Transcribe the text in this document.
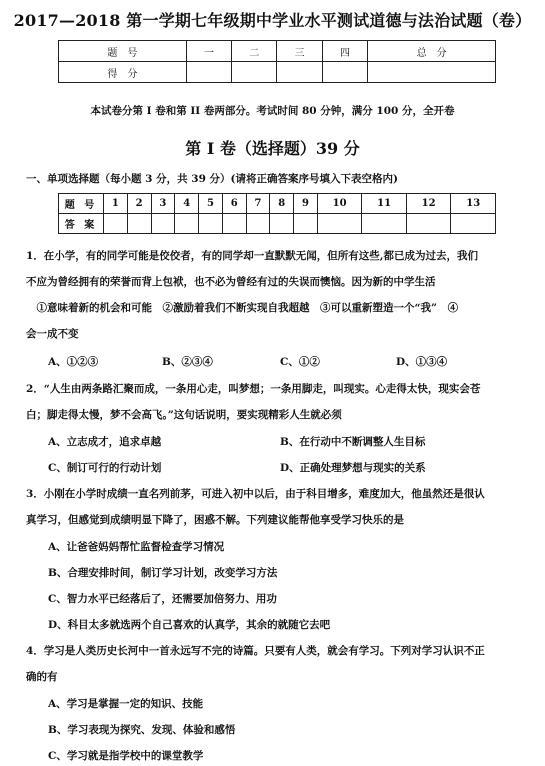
2017—2018 第一学期七年级期中学业水平测试道德与法治试题（卷）
题　号	一	二	三	四	总　分
得　分					
本试卷分第 I 卷和第 II 卷两部分。考试时间 80 分钟，满分 100 分，全开卷
第 I 卷（选择题）39 分
一、单项选择题（每小题 3 分，共 39 分）(请将正确答案序号填入下表空格内)
题 号	1	2	3	4	5	6	7	8	9	10	11	12	13
答 案													
1．在小学，有的同学可能是佼佼者，有的同学却一直默默无闻，但所有这些,都已成为过去，我们
不应为曾经拥有的荣誉而背上包袱，也不必为曾经有过的失误而懊恼。因为新的中学生活
　①意味着新的机会和可能　②激励着我们不断实现自我超越　③可以重新塑造一个“我”　④
会一成不变
A、①②③	B、②③④	C、①②	D、①③④
2．“人生由两条路汇聚而成，一条用心走，叫梦想；一条用脚走，叫现实。心走得太快，现实会苍
白；脚走得太慢，梦不会高飞。”这句话说明，要实现精彩人生就必须
A、立志成才，追求卓越	B、在行动中不断调整人生目标
C、制订可行的行动计划	D、正确处理梦想与现实的关系
3．小刚在小学时成绩一直名列前茅，可进入初中以后，由于科目增多，难度加大，他虽然还是很认
真学习，但感觉到成绩明显下降了，困惑不解。下列建议能帮他享受学习快乐的是
A、让爸爸妈妈帮忙监督检查学习情况
B、合理安排时间，制订学习计划，改变学习方法
C、智力水平已经落后了，还需要加倍努力、用功
D、科目太多就选两个自己喜欢的认真学，其余的就随它去吧
4．学习是人类历史长河中一首永远写不完的诗篇。只要有人类，就会有学习。下列对学习认识不正
确的有
A、学习是掌握一定的知识、技能
B、学习表现为探究、发现、体验和感悟
C、学习就是指学校中的课堂教学
